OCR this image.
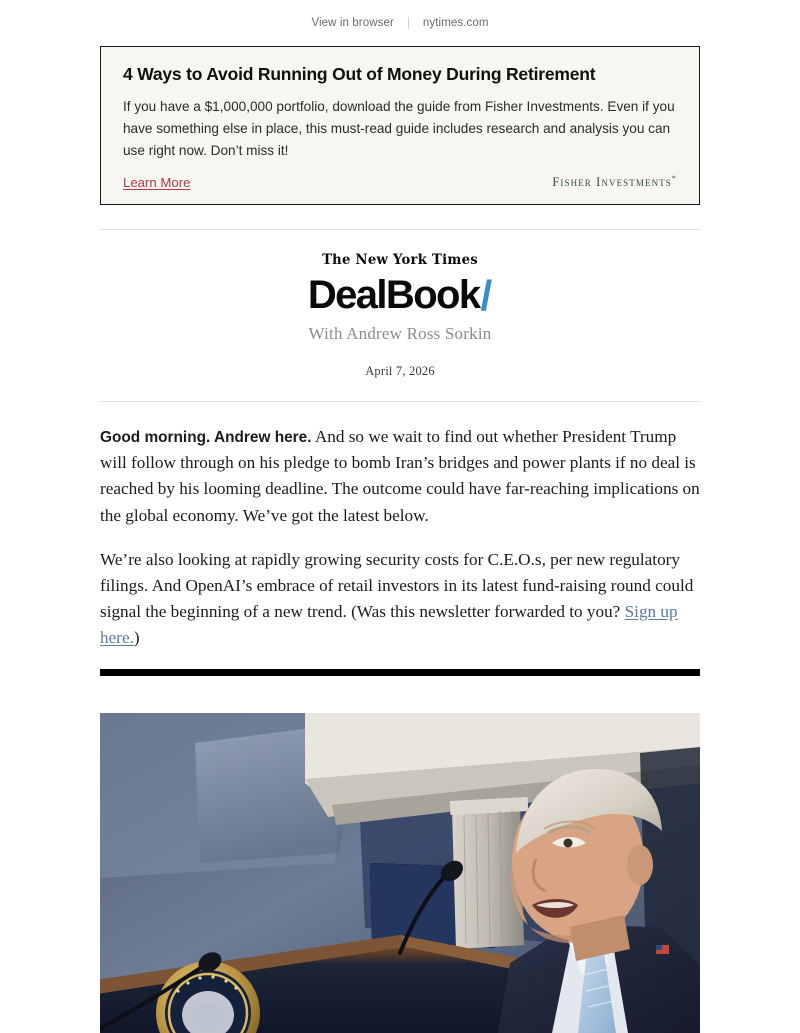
View in browser	nytimes.com
4 Ways to Avoid Running Out of Money During Retirement
If you have a $1,000,000 portfolio, download the guide from Fisher Investments. Even if you have something else in place, this must-read guide includes research and analysis you can use right now. Don’t miss it!
Learn More	Fisher Investments*
The New York Times
DealBook /
With Andrew Ross Sorkin
April 7, 2026

Good morning. Andrew here. And so we wait to find out whether President Trump will follow through on his pledge to bomb Iran’s bridges and power plants if no deal is reached by his looming deadline. The outcome could have far-reaching implications on the global economy. We’ve got the latest below.

We’re also looking at rapidly growing security costs for C.E.O.s, per new regulatory filings. And OpenAI’s embrace of retail investors in its latest fund-raising round could signal the beginning of a new trend. (Was this newsletter forwarded to you? Sign up here.)
